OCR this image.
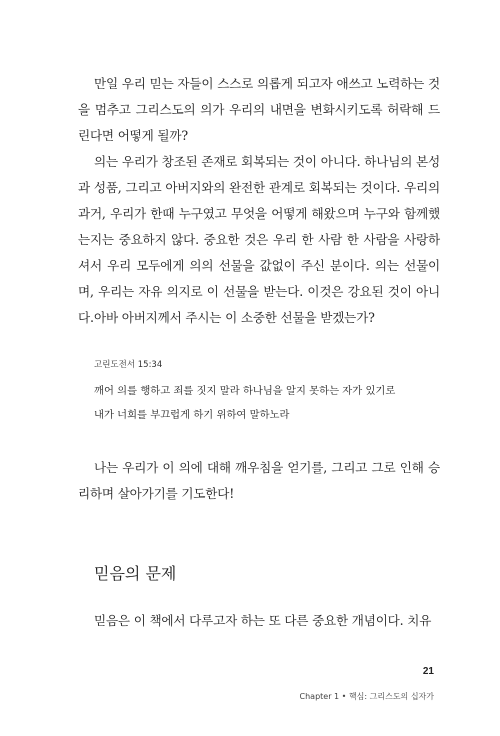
만일 우리 믿는 자들이 스스로 의롭게 되고자 애쓰고 노력하는 것을 멈추고 그리스도의 의가 우리의 내면을 변화시키도록 허락해 드린다면 어떻게 될까?

의는 우리가 창조된 존재로 회복되는 것이 아니다. 하나님의 본성과 성품, 그리고 아버지와의 완전한 관계로 회복되는 것이다. 우리의 과거, 우리가 한때 누구였고 무엇을 어떻게 해왔으며 누구와 함께했는지는 중요하지 않다. 중요한 것은 우리 한 사람 한 사람을 사랑하셔서 우리 모두에게 의의 선물을 값없이 주신 분이다. 의는 선물이며, 우리는 자유 의지로 이 선물을 받는다. 이것은 강요된 것이 아니다. 아바 아버지께서 주시는 이 소중한 선물을 받겠는가?

고린도전서 15:34

깨어 의를 행하고 죄를 짓지 말라 하나님을 알지 못하는 자가 있기로

내가 너희를 부끄럽게 하기 위하여 말하노라

나는 우리가 이 의에 대해 깨우침을 얻기를, 그리고 그로 인해 승리하며 살아가기를 기도한다!

믿음의 문제

믿음은 이 책에서 다루고자 하는 또 다른 중요한 개념이다. 치유

21

Chapter 1 • 핵심: 그리스도의 십자가
